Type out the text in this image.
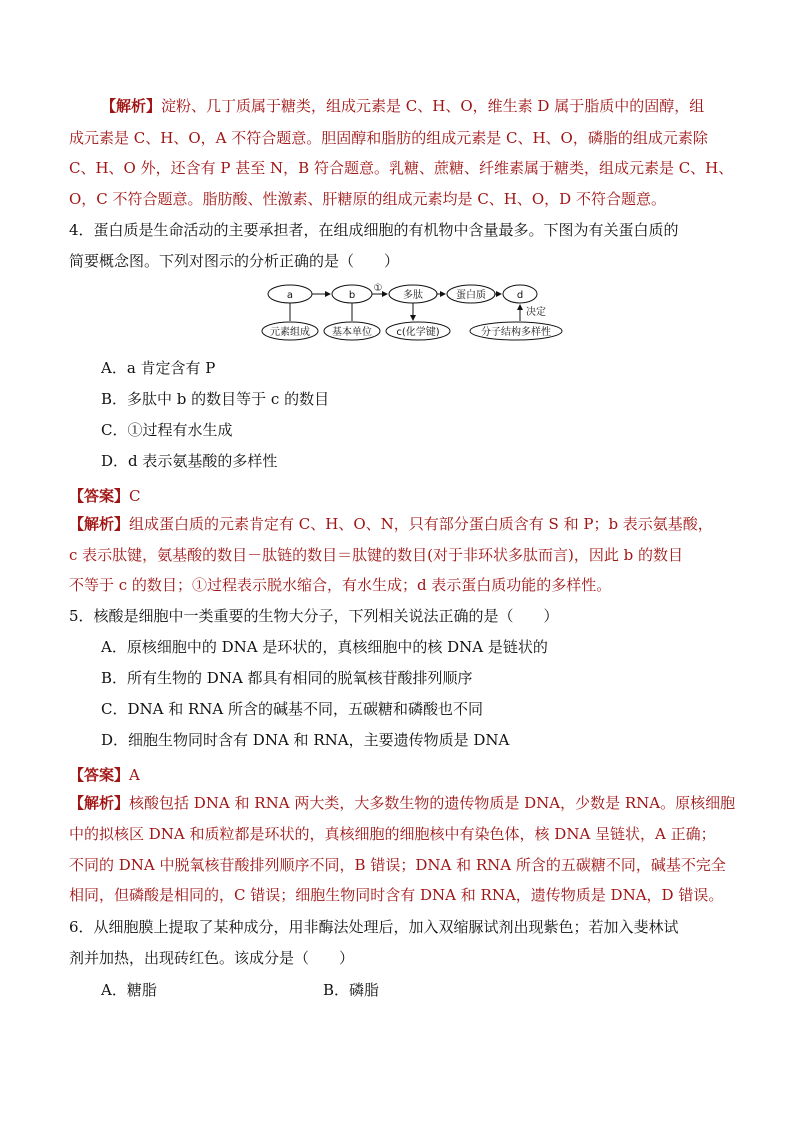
【解析】淀粉、几丁质属于糖类，组成元素是 C、H、O，维生素 D 属于脂质中的固醇，组
成元素是 C、H、O，A 不符合题意。胆固醇和脂肪的组成元素是 C、H、O，磷脂的组成元素除
C、H、O 外，还含有 P 甚至 N，B 符合题意。乳糖、蔗糖、纤维素属于糖类，组成元素是 C、H、
O，C 不符合题意。脂肪酸、性激素、肝糖原的组成元素均是 C、H、O，D 不符合题意。
4．蛋白质是生命活动的主要承担者，在组成细胞的有机物中含量最多。下图为有关蛋白质的
简要概念图。下列对图示的分析正确的是（　　）
a	b	多肽	蛋白质	d
①
决定
元素组成 基本单位 c(化学键)	分子结构多样性
A．a 肯定含有 P
B．多肽中 b 的数目等于 c 的数目
C．①过程有水生成
D．d 表示氨基酸的多样性
【答案】C
【解析】组成蛋白质的元素肯定有 C、H、O、N，只有部分蛋白质含有 S 和 P；b 表示氨基酸，
c 表示肽键，氨基酸的数目－肽链的数目＝肽键的数目(对于非环状多肽而言)，因此 b 的数目
不等于 c 的数目；①过程表示脱水缩合，有水生成；d 表示蛋白质功能的多样性。
5．核酸是细胞中一类重要的生物大分子，下列相关说法正确的是（　　）
A．原核细胞中的 DNA 是环状的，真核细胞中的核 DNA 是链状的
B．所有生物的 DNA 都具有相同的脱氧核苷酸排列顺序
C．DNA 和 RNA 所含的碱基不同，五碳糖和磷酸也不同
D．细胞生物同时含有 DNA 和 RNA，主要遗传物质是 DNA
【答案】A
【解析】核酸包括 DNA 和 RNA 两大类，大多数生物的遗传物质是 DNA，少数是 RNA。原核细胞
中的拟核区 DNA 和质粒都是环状的，真核细胞的细胞核中有染色体，核 DNA 呈链状，A 正确；
不同的 DNA 中脱氧核苷酸排列顺序不同，B 错误；DNA 和 RNA 所含的五碳糖不同，碱基不完全
相同，但磷酸是相同的，C 错误；细胞生物同时含有 DNA 和 RNA，遗传物质是 DNA，D 错误。
6．从细胞膜上提取了某种成分，用非酶法处理后，加入双缩脲试剂出现紫色；若加入斐林试
剂并加热，出现砖红色。该成分是（　　）
A．糖脂	B．磷脂
